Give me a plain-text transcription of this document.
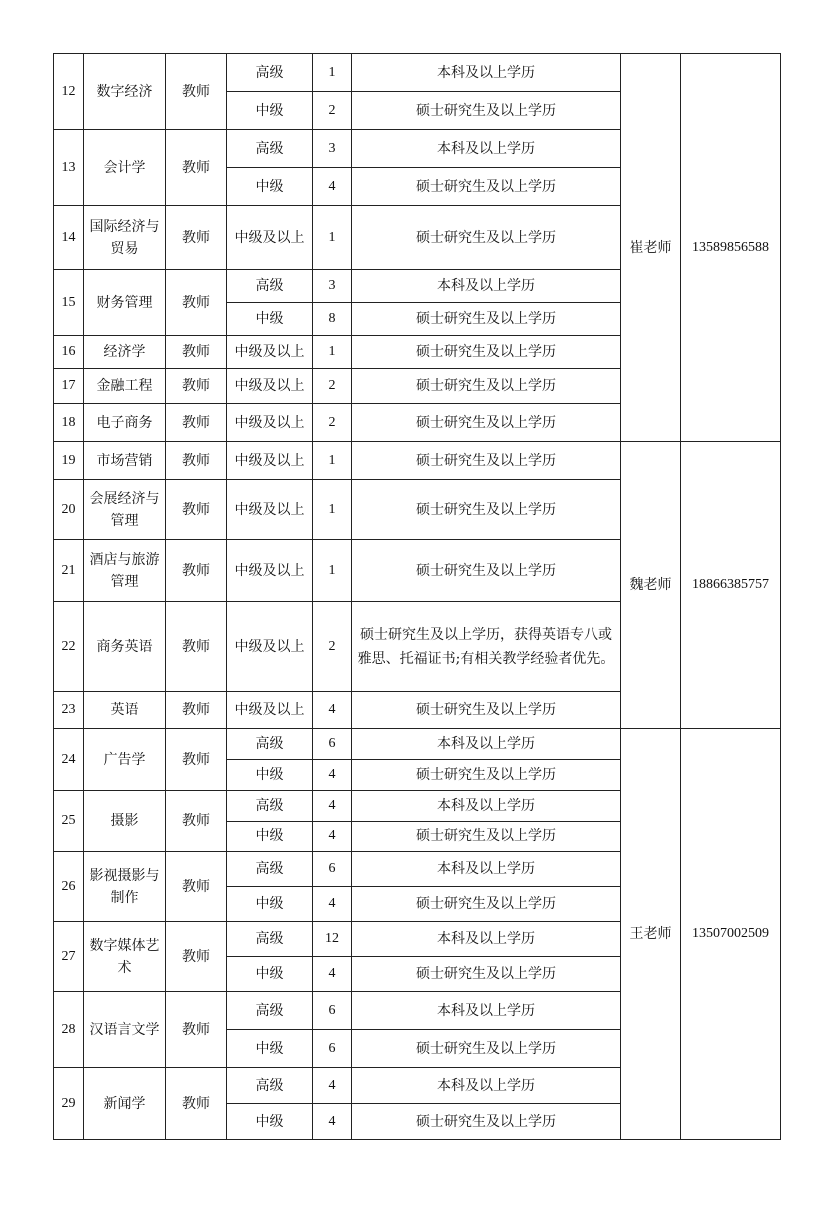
12	数字经济	教师	高级	1	本科及以上学历	崔老师	13589856588
			中级	2	硕士研究生及以上学历		
13	会计学	教师	高级	3	本科及以上学历		
			中级	4	硕士研究生及以上学历		
14	国际经济与贸易	教师	中级及以上	1	硕士研究生及以上学历		
15	财务管理	教师	高级	3	本科及以上学历		
			中级	8	硕士研究生及以上学历		
16	经济学	教师	中级及以上	1	硕士研究生及以上学历		
17	金融工程	教师	中级及以上	2	硕士研究生及以上学历		
18	电子商务	教师	中级及以上	2	硕士研究生及以上学历		
19	市场营销	教师	中级及以上	1	硕士研究生及以上学历	魏老师	18866385757
20	会展经济与管理	教师	中级及以上	1	硕士研究生及以上学历		
21	酒店与旅游管理	教师	中级及以上	1	硕士研究生及以上学历		
22	商务英语	教师	中级及以上	2	硕士研究生及以上学历，获得英语专八或雅思、托福证书;有相关教学经验者优先。		
23	英语	教师	中级及以上	4	硕士研究生及以上学历		
24	广告学	教师	高级	6	本科及以上学历	王老师	13507002509
			中级	4	硕士研究生及以上学历		
25	摄影	教师	高级	4	本科及以上学历		
			中级	4	硕士研究生及以上学历		
26	影视摄影与制作	教师	高级	6	本科及以上学历		
			中级	4	硕士研究生及以上学历		
27	数字媒体艺术	教师	高级	12	本科及以上学历		
			中级	4	硕士研究生及以上学历		
28	汉语言文学	教师	高级	6	本科及以上学历		
			中级	6	硕士研究生及以上学历		
29	新闻学	教师	高级	4	本科及以上学历		
			中级	4	硕士研究生及以上学历		
